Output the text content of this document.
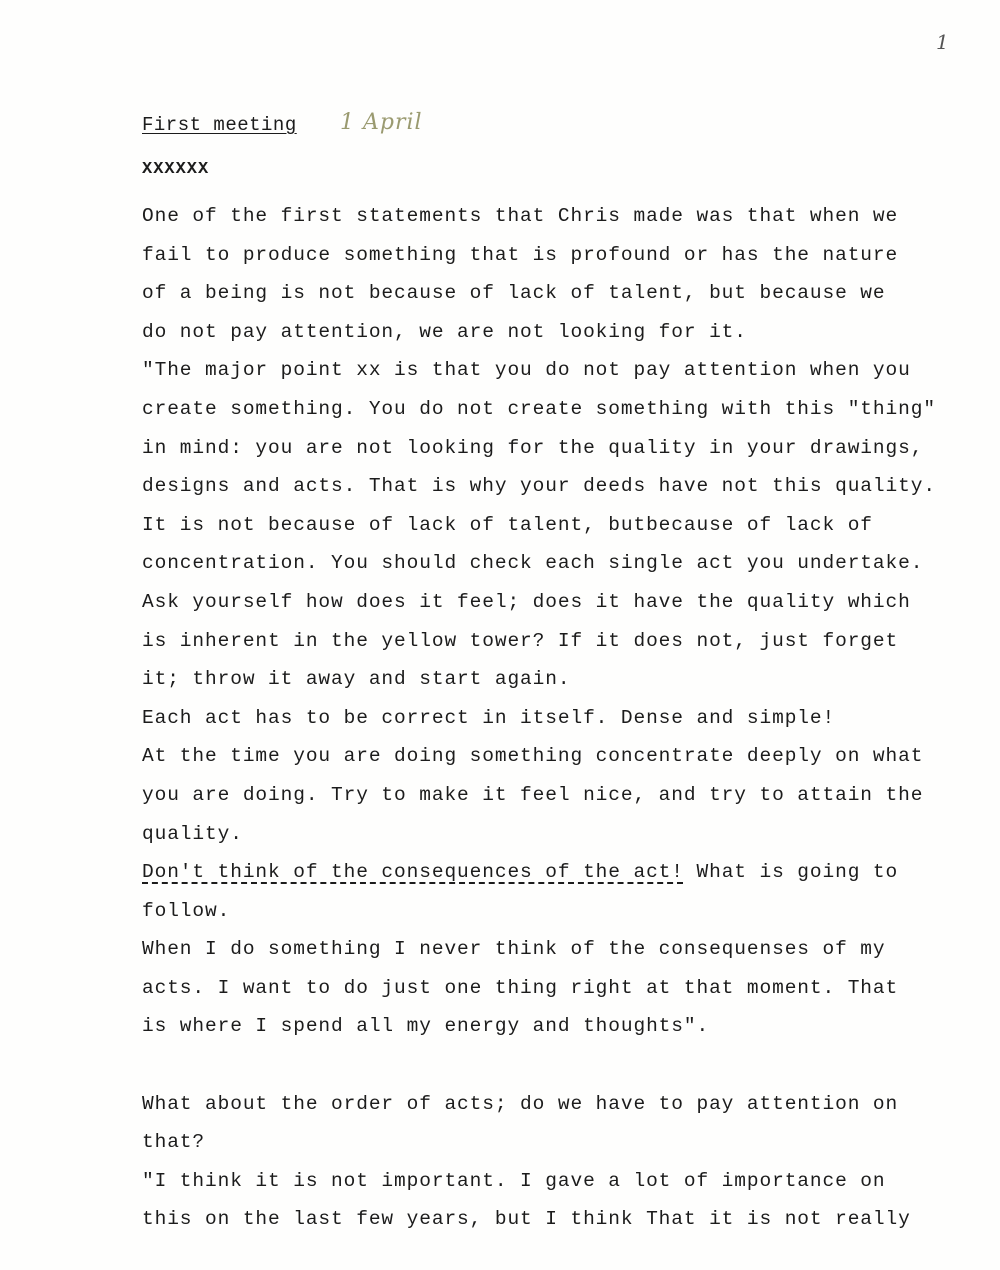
1
First meeting 1 April
XXXXXX
One of the first statements that Chris made was that when we
fail to produce something that is profound or has the nature
of a being is not because of lack of talent, but because we
do not pay attention, we are not looking for it.
"The major point xx is that you do not pay attention when you
create something. You do not create something with this "thing"
in mind: you are not looking for the quality in your drawings,
designs and acts. That is why your deeds have not this quality.
It is not because of lack of talent, butbecause of lack of
concentration. You should check each single act you undertake.
Ask yourself how does it feel; does it have the quality which
is inherent in the yellow tower? If it does not, just forget
it; throw it away and start again.
Each act has to be correct in itself. Dense and simple!
At the time you are doing something concentrate deeply on what
you are doing. Try to make it feel nice, and try to attain the
quality.
Don't think of the consequences of the act! What is going to
follow.
When I do something I never think of the consequenses of my
acts. I want to do just one thing right at that moment. That
is where I spend all my energy and thoughts".
What about the order of acts; do we have to pay attention on
that?
"I think it is not important. I gave a lot of importance on
this on the last few years, but I think That it is not really
